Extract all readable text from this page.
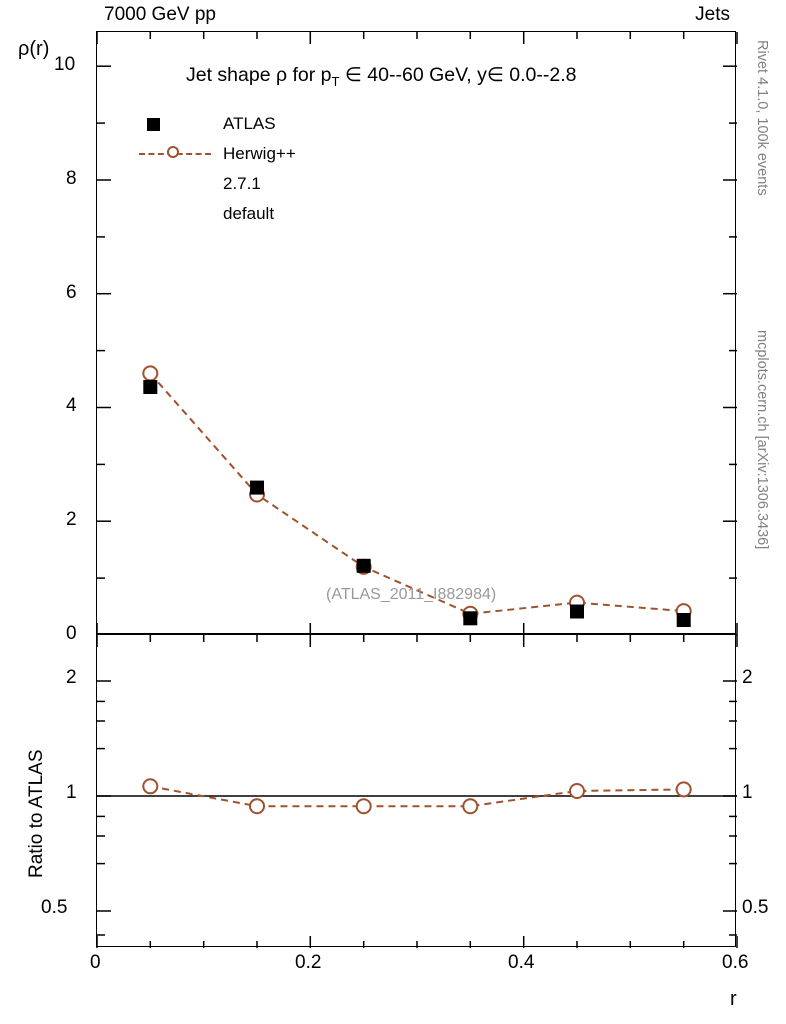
7000 GeV pp	Jets
Rivet 4.1.0, 100k events
mcplots.cern.ch [arXiv:1306.3436]
ρ(r)
Jet shape ρ for $p_T$ ∈ 40--60 GeV, y∈ 0.0--2.8
ATLAS
Herwig++ 2.7.1 default
(ATLAS_2011_I882984)
0
2
4
6
8
10
0.5
1
2
0.5
1
2
Ratio to ATLAS
0	0.2	0.4	0.6
r
